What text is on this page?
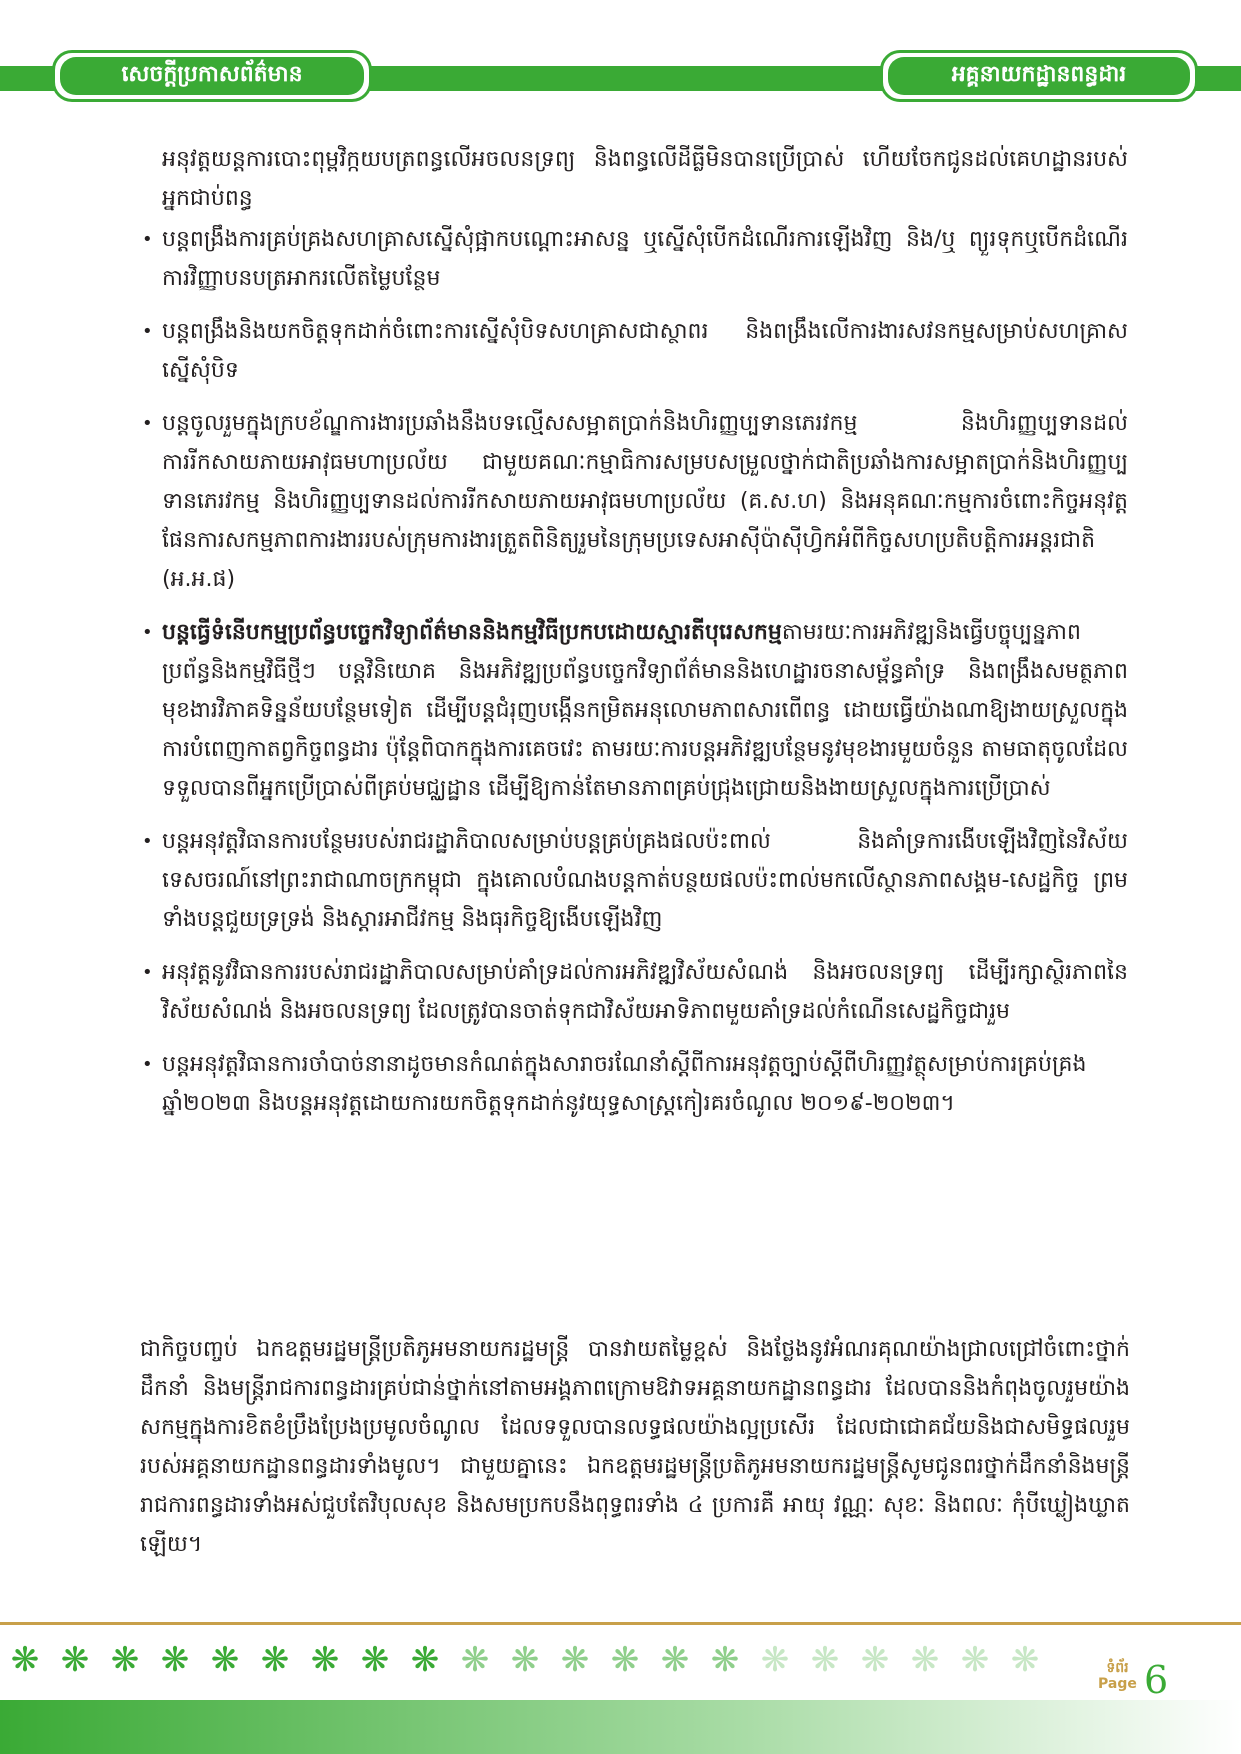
សេចក្តីប្រកាសព័ត៌មាន	អគ្គនាយកដ្ឋានពន្ធដារ
អនុវត្តយន្តការបោះពុម្ពវិក្កយបត្រពន្ធលើអចលនទ្រព្យ និងពន្ធលើដីធ្លីមិនបានប្រើប្រាស់ ហើយចែកជូនដល់គេហដ្ឋានរបស់អ្នកជាប់ពន្ធ
• បន្តពង្រឹងការគ្រប់គ្រងសហគ្រាសស្នើសុំផ្អាកបណ្តោះអាសន្ន ឬស្នើសុំបើកដំណើរការឡើងវិញ និង/ឬ ព្យួរទុកឬបើកដំណើរការវិញ្ញាបនបត្រអាករលើតម្លៃបន្ថែម
• បន្តពង្រឹងនិងយកចិត្តទុកដាក់ចំពោះការស្នើសុំបិទសហគ្រាសជាស្ថាពរ និងពង្រឹងលើការងារសវនកម្មសម្រាប់សហគ្រាសស្នើសុំបិទ
• បន្តចូលរួមក្នុងក្របខ័ណ្ឌការងារប្រឆាំងនឹងបទល្មើសសម្អាតប្រាក់និងហិរញ្ញប្បទានភេរវកម្ម និងហិរញ្ញប្បទានដល់ការរីកសាយភាយអាវុធមហាប្រល័យ ជាមួយគណៈកម្មាធិការសម្របសម្រួលថ្នាក់ជាតិប្រឆាំងការសម្អាតប្រាក់និងហិរញ្ញប្បទានភេរវកម្ម និងហិរញ្ញប្បទានដល់ការរីកសាយភាយអាវុធមហាប្រល័យ (គ.ស.ហ) និងអនុគណៈកម្មការចំពោះកិច្ចអនុវត្តផែនការសកម្មភាពការងាររបស់ក្រុមការងារត្រួតពិនិត្យរួមនៃក្រុមប្រទេសអាស៊ីប៉ាស៊ីហ្វិកអំពីកិច្ចសហប្រតិបត្តិការអន្តរជាតិ (អ.អ.ផ)
• បន្តធ្វើទំនើបកម្មប្រព័ន្ធបច្ចេកវិទ្យាព័ត៌មាននិងកម្មវិធីប្រកបដោយស្មារតីបុរេសកម្មតាមរយៈការអភិវឌ្ឍនិងធ្វើបច្ចុប្បន្នភាពប្រព័ន្ធនិងកម្មវិធីថ្មីៗ បន្តវិនិយោគ និងអភិវឌ្ឍប្រព័ន្ធបច្ចេកវិទ្យាព័ត៌មាននិងហេដ្ឋារចនាសម្ព័ន្ធគាំទ្រ និងពង្រឹងសមត្ថភាពមុខងារវិភាគទិន្នន័យបន្ថែមទៀត ដើម្បីបន្តជំរុញបង្កើនកម្រិតអនុលោមភាពសារពើពន្ធ ដោយធ្វើយ៉ាងណាឱ្យងាយស្រួលក្នុងការបំពេញកាតព្វកិច្ចពន្ធដារ ប៉ុន្តែពិបាកក្នុងការគេចវេះ តាមរយៈការបន្តអភិវឌ្ឍបន្ថែមនូវមុខងារមួយចំនួន តាមធាតុចូលដែលទទួលបានពីអ្នកប្រើប្រាស់ពីគ្រប់មជ្ឈដ្ឋាន ដើម្បីឱ្យកាន់តែមានភាពគ្រប់ជ្រុងជ្រោយនិងងាយស្រួលក្នុងការប្រើប្រាស់
• បន្តអនុវត្តវិធានការបន្ថែមរបស់រាជរដ្ឋាភិបាលសម្រាប់បន្តគ្រប់គ្រងផលប៉ះពាល់ និងគាំទ្រការងើបឡើងវិញនៃវិស័យទេសចរណ៍នៅព្រះរាជាណាចក្រកម្ពុជា ក្នុងគោលបំណងបន្តកាត់បន្ថយផលប៉ះពាល់មកលើស្ថានភាពសង្គម-សេដ្ឋកិច្ច ព្រមទាំងបន្តជួយទ្រទ្រង់ និងស្តារអាជីវកម្ម និងធុរកិច្ចឱ្យងើបឡើងវិញ
• អនុវត្តនូវវិធានការរបស់រាជរដ្ឋាភិបាលសម្រាប់គាំទ្រដល់ការអភិវឌ្ឍវិស័យសំណង់ និងអចលនទ្រព្យ ដើម្បីរក្សាស្ថិរភាពនៃវិស័យសំណង់ និងអចលនទ្រព្យ ដែលត្រូវបានចាត់ទុកជាវិស័យអាទិភាពមួយគាំទ្រដល់កំណើនសេដ្ឋកិច្ចជារួម
• បន្តអនុវត្តវិធានការចាំបាច់នានាដូចមានកំណត់ក្នុងសារាចរណែនាំស្តីពីការអនុវត្តច្បាប់ស្តីពីហិរញ្ញវត្ថុសម្រាប់ការគ្រប់គ្រងឆ្នាំ២០២៣ និងបន្តអនុវត្តដោយការយកចិត្តទុកដាក់នូវយុទ្ធសាស្ត្រកៀរគរចំណូល ២០១៩-២០២៣។
ជាកិច្ចបញ្ចប់ ឯកឧត្តមរដ្ឋមន្ត្រីប្រតិភូអមនាយករដ្ឋមន្ត្រី បានវាយតម្លៃខ្ពស់ និងថ្លែងនូវអំណរគុណយ៉ាងជ្រាលជ្រៅចំពោះថ្នាក់ដឹកនាំ និងមន្ត្រីរាជការពន្ធដារគ្រប់ជាន់ថ្នាក់នៅតាមអង្គភាពក្រោមឱវាទអគ្គនាយកដ្ឋានពន្ធដារ ដែលបាននិងកំពុងចូលរួមយ៉ាងសកម្មក្នុងការខិតខំប្រឹងប្រែងប្រមូលចំណូល ដែលទទួលបានលទ្ធផលយ៉ាងល្អប្រសើរ ដែលជាជោគជ័យនិងជាសមិទ្ធផលរួមរបស់អគ្គនាយកដ្ឋានពន្ធដារទាំងមូល។ ជាមួយគ្នានេះ ឯកឧត្តមរដ្ឋមន្ត្រីប្រតិភូអមនាយករដ្ឋមន្ត្រីសូមជូនពរថ្នាក់ដឹកនាំនិងមន្ត្រីរាជការពន្ធដារទាំងអស់ជួបតែវិបុលសុខ និងសមប្រកបនឹងពុទ្ធពរទាំង ៤ ប្រការគឺ អាយុ វណ្ណៈ សុខៈ និងពលៈ កុំបីឃ្លៀងឃ្លាតឡើយ។
❋ ❋ ❋ ❋ ❋ ❋ ❋ ❋ ❋ ❋ ❋ ❋ ❋ ❋ ❋ ❋ ❋ ❋ ❋ ❋ ❋	ទំព័រ
Page 6
